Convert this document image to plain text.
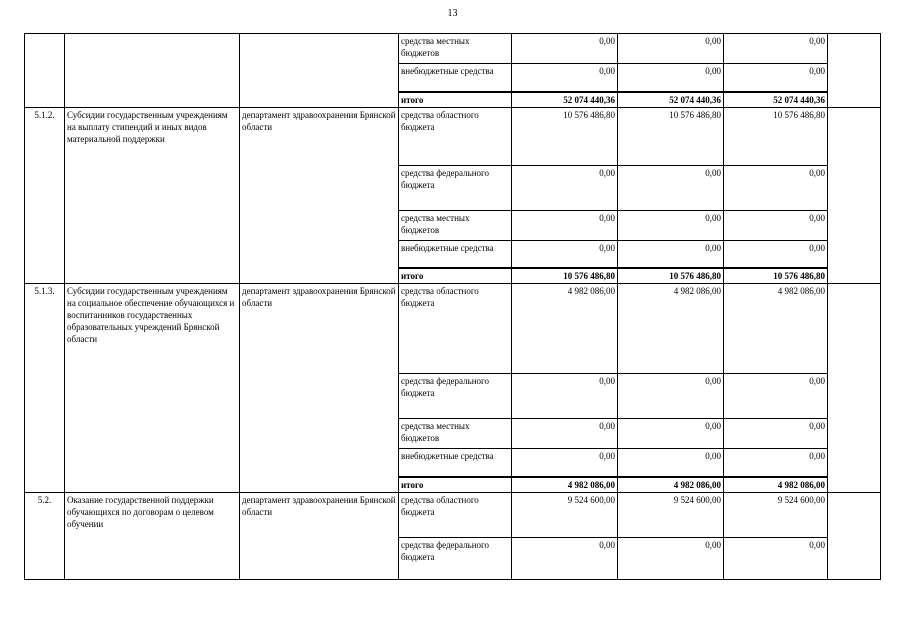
13
			средства местных бюджетов	0,00	0,00	0,00	
			внебюджетные средства	0,00	0,00	0,00	
			итого	52 074 440,36	52 074 440,36	52 074 440,36	
5.1.2.	Субсидии государственным учреждениям на выплату стипендий и иных видов материальной поддержки	департамент здравоохранения Брянской области	средства областного бюджета	10 576 486,80	10 576 486,80	10 576 486,80	
			средства федерального бюджета	0,00	0,00	0,00	
			средства местных бюджетов	0,00	0,00	0,00	
			внебюджетные средства	0,00	0,00	0,00	
			итого	10 576 486,80	10 576 486,80	10 576 486,80	
5.1.3.	Субсидии государственным учреждениям на социальное обеспечение обучающихся и воспитанников государственных образовательных учреждений Брянской области	департамент здравоохранения Брянской области	средства областного бюджета	4 982 086,00	4 982 086,00	4 982 086,00	
			средства федерального бюджета	0,00	0,00	0,00	
			средства местных бюджетов	0,00	0,00	0,00	
			внебюджетные средства	0,00	0,00	0,00	
			итого	4 982 086,00	4 982 086,00	4 982 086,00	
5.2.	Оказание государственной поддержки обучающихся по договорам о целевом обучении	департамент здравоохранения Брянской области	средства областного бюджета	9 524 600,00	9 524 600,00	9 524 600,00	
			средства федерального бюджета	0,00	0,00	0,00	
